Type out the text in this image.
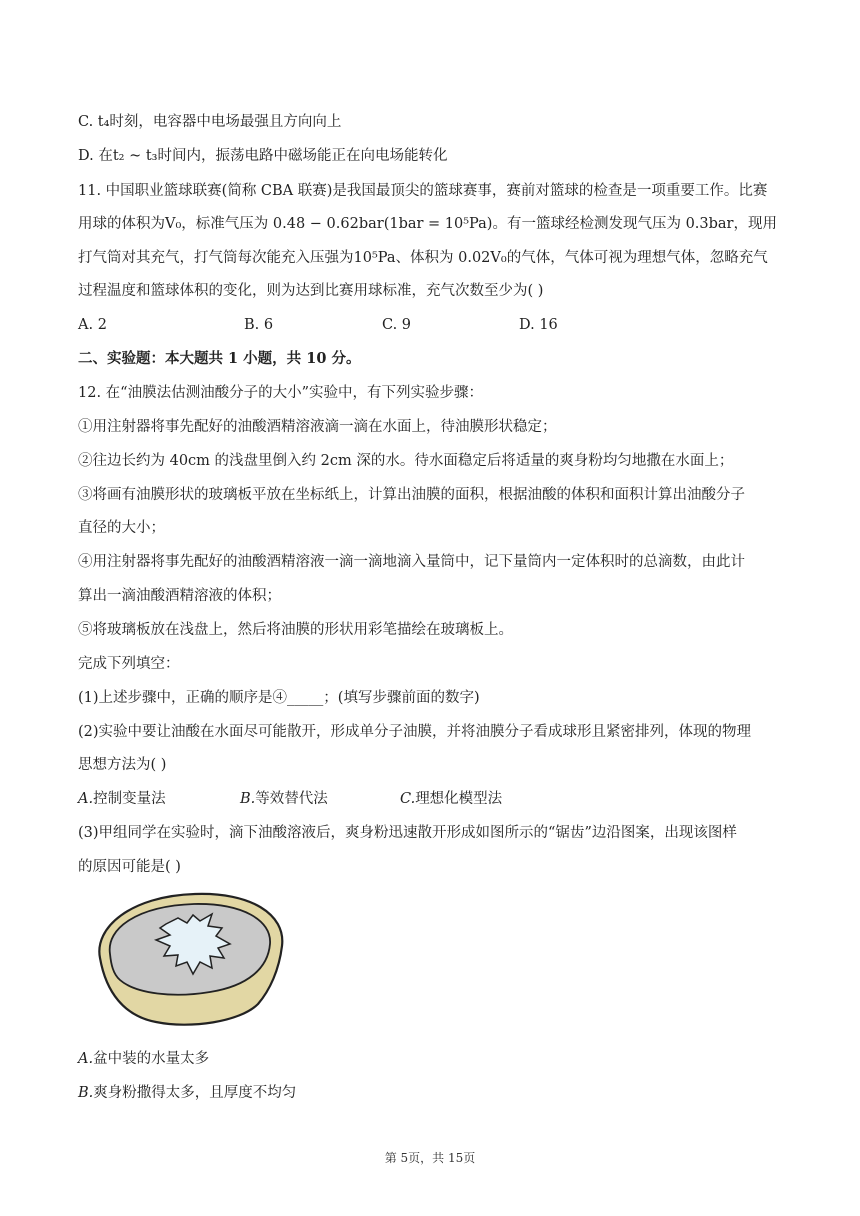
C. t₄时刻，电容器中电场最强且方向向上
D. 在t₂ ~ t₃时间内，振荡电路中磁场能正在向电场能转化
11. 中国职业篮球联赛(简称 CBA 联赛)是我国最顶尖的篮球赛事，赛前对篮球的检查是一项重要工作。比赛
用球的体积为V₀，标准气压为 0.48 − 0.62bar(1bar = 10⁵Pa)。有一篮球经检测发现气压为 0.3bar，现用
打气筒对其充气，打气筒每次能充入压强为10⁵Pa、体积为 0.02V₀的气体，气体可视为理想气体，忽略充气
过程温度和篮球体积的变化，则为达到比赛用球标准，充气次数至少为( )
A. 2	B. 6	C. 9	D. 16
二、实验题：本大题共 1 小题，共 10 分。
12. 在“油膜法估测油酸分子的大小”实验中，有下列实验步骤：
①用注射器将事先配好的油酸酒精溶液滴一滴在水面上，待油膜形状稳定；
②往边长约为 40cm 的浅盘里倒入约 2cm 深的水。待水面稳定后将适量的爽身粉均匀地撒在水面上；
③将画有油膜形状的玻璃板平放在坐标纸上，计算出油膜的面积，根据油酸的体积和面积计算出油酸分子
直径的大小；
④用注射器将事先配好的油酸酒精溶液一滴一滴地滴入量筒中，记下量筒内一定体积时的总滴数，由此计
算出一滴油酸酒精溶液的体积；
⑤将玻璃板放在浅盘上，然后将油膜的形状用彩笔描绘在玻璃板上。
完成下列填空：
(1)上述步骤中，正确的顺序是④_____；(填写步骤前面的数字)
(2)实验中要让油酸在水面尽可能散开，形成单分子油膜，并将油膜分子看成球形且紧密排列，体现的物理
思想方法为( )
A.控制变量法	B.等效替代法	C.理想化模型法
(3)甲组同学在实验时，滴下油酸溶液后，爽身粉迅速散开形成如图所示的“锯齿”边沿图案，出现该图样
的原因可能是( )
A.盆中装的水量太多
B.爽身粉撒得太多，且厚度不均匀
第 5页，共 15页
